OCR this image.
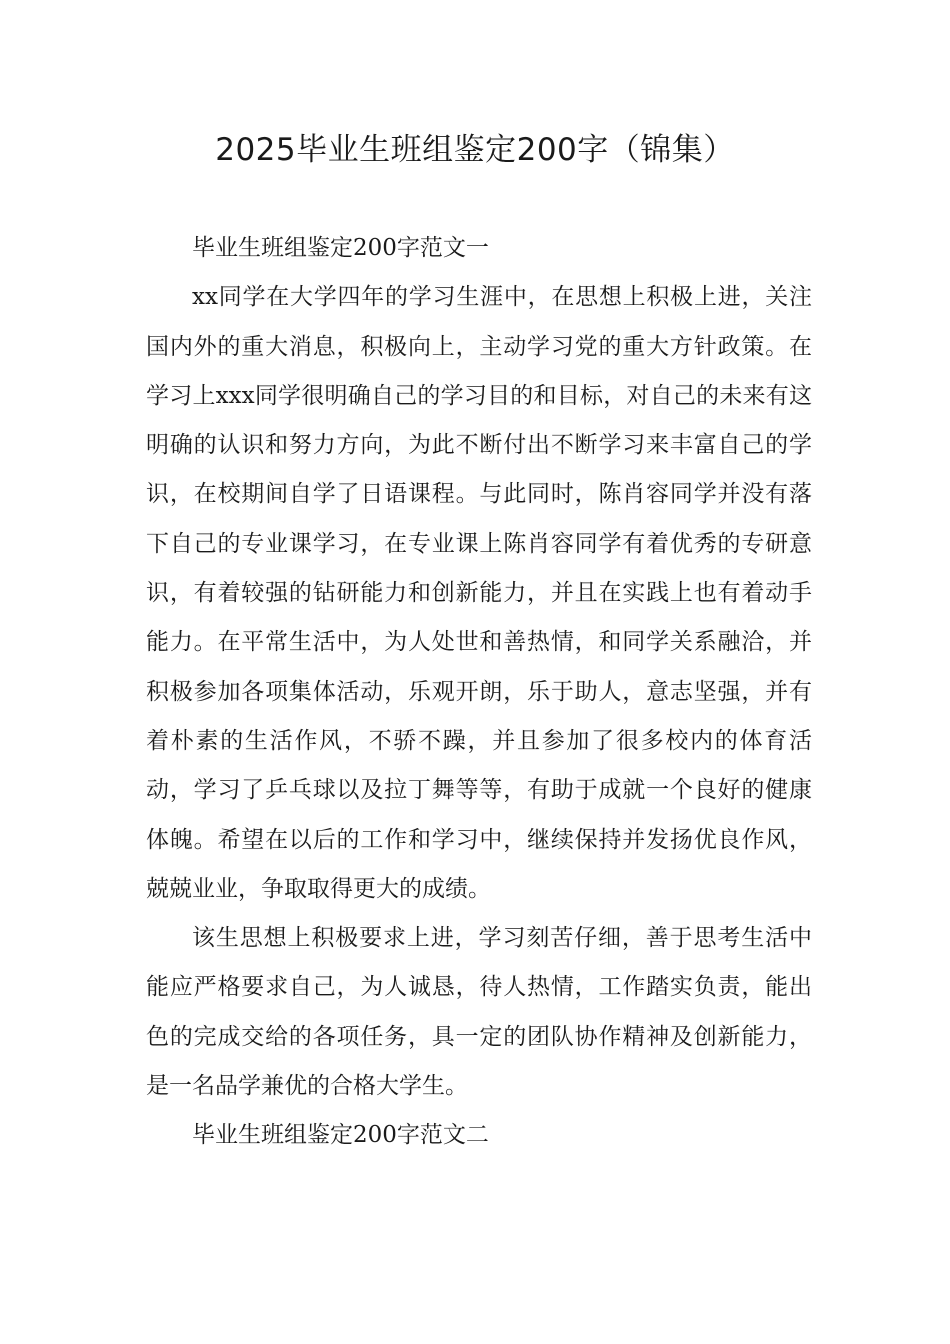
2025毕业生班组鉴定200字（锦集）

毕业生班组鉴定200字范文一

xx同学在大学四年的学习生涯中，在思想上积极上进，关注国内外的重大消息，积极向上，主动学习党的重大方针政策。在学习上xxx同学很明确自己的学习目的和目标，对自己的未来有这明确的认识和努力方向，为此不断付出不断学习来丰富自己的学识，在校期间自学了日语课程。与此同时，陈肖容同学并没有落下自己的专业课学习，在专业课上陈肖容同学有着优秀的专研意识，有着较强的钻研能力和创新能力，并且在实践上也有着动手能力。在平常生活中，为人处世和善热情，和同学关系融洽，并积极参加各项集体活动，乐观开朗，乐于助人，意志坚强，并有着朴素的生活作风，不骄不躁，并且参加了很多校内的体育活动，学习了乒乓球以及拉丁舞等等，有助于成就一个良好的健康体魄。希望在以后的工作和学习中，继续保持并发扬优良作风，兢兢业业，争取取得更大的成绩。

该生思想上积极要求上进，学习刻苦仔细，善于思考生活中能应严格要求自己，为人诚恳，待人热情，工作踏实负责，能出色的完成交给的各项任务，具一定的团队协作精神及创新能力，是一名品学兼优的合格大学生。

毕业生班组鉴定200字范文二
